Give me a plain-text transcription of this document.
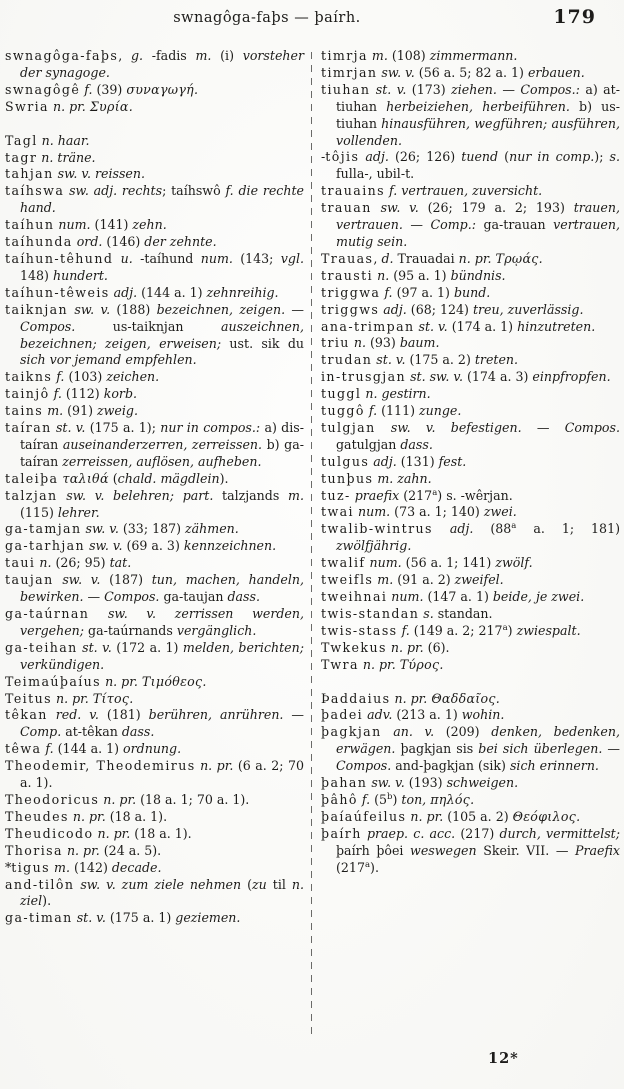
swnagôga-faþs — þaírh.	179

swnagôga-faþs, g. -fadis m. (i) vorsteher der synagoge.

swnagôgê f. (39) συναγωγή.

Swria n. pr. Συρία.

Tagl n. haar.

tagr n. träne.

tahjan sw. v. reissen.

taíhswa sw. adj. rechts; taíhswô f. die rechte hand.

taíhun num. (141) zehn.

taíhunda ord. (146) der zehnte.

taíhun-têhund u. -taíhund num. (143; vgl. 148) hundert.

taíhun-têweis adj. (144 a. 1) zehnreihig.

taiknjan sw. v. (188) bezeichnen, zeigen. — Compos. us-taiknjan auszeichnen, bezeichnen; zeigen, erweisen; ust. sik du sich vor jemand empfehlen.

taikns f. (103) zeichen.

tainjô f. (112) korb.

tains m. (91) zweig.

taíran st. v. (175 a. 1); nur in compos.: a) dis-taíran auseinanderzerren, zerreissen. b) ga-taíran zerreissen, auflösen, aufheben.

taleiþa ταλιθά (chald. mägdlein).

talzjan sw. v. belehren; part. talzjands m. (115) lehrer.

ga-tamjan sw. v. (33; 187) zähmen.

ga-tarhjan sw. v. (69 a. 3) kennzeichnen.

taui n. (26; 95) tat.

taujan sw. v. (187) tun, machen, handeln, bewirken. — Compos. ga-taujan dass.

ga-taúrnan sw. v. zerrissen werden, vergehen; ga-taúrnands vergänglich.

ga-teihan st. v. (172 a. 1) melden, berichten; verkündigen.

Teimaúþaíus n. pr. Τιμόθεος.

Teitus n. pr. Τίτος.

têkan red. v. (181) berühren, anrühren. — Comp. at-têkan dass.

têwa f. (144 a. 1) ordnung.

Theodemir, Theodemirus n. pr. (6 a. 2; 70 a. 1).

Theodoricus n. pr. (18 a. 1; 70 a. 1).

Theudes n. pr. (18 a. 1).

Theudicodo n. pr. (18 a. 1).

Thorisa n. pr. (24 a. 5).

*tigus m. (142) decade.

and-tilôn sw. v. zum ziele nehmen (zu til n. ziel).

ga-timan st. v. (175 a. 1) geziemen.

timrja m. (108) zimmermann.

timrjan sw. v. (56 a. 5; 82 a. 1) erbauen.

tiuhan st. v. (173) ziehen. — Compos.: a) at-tiuhan herbeiziehen, herbeiführen. b) us-tiuhan hinausführen, wegführen; ausführen, vollenden.

-tôjis adj. (26; 126) tuend (nur in comp.); s. fulla-, ubil-t.

trauains f. vertrauen, zuversicht.

trauan sw. v. (26; 179 a. 2; 193) trauen, vertrauen. — Comp.: ga-trauan vertrauen, mutig sein.

Trauas, d. Trauadai n. pr. Τρῳάς.

trausti n. (95 a. 1) bündnis.

triggwa f. (97 a. 1) bund.

triggws adj. (68; 124) treu, zuverlässig.

ana-trimpan st. v. (174 a. 1) hinzutreten.

triu n. (93) baum.

trudan st. v. (175 a. 2) treten.

in-trusgjan st. sw. v. (174 a. 3) einpfropfen.

tuggl n. gestirn.

tuggô f. (111) zunge.

tulgjan sw. v. befestigen. — Compos. gatulgjan dass.

tulgus adj. (131) fest.

tunþus m. zahn.

tuz- praefix (217$^a$) s. -wêrjan.

twai num. (73 a. 1; 140) zwei.

twalib-wintrus adj. (88$^a$ a. 1; 181) zwölfjährig.

twalif num. (56 a. 1; 141) zwölf.

tweifls m. (91 a. 2) zweifel.

tweihnai num. (147 a. 1) beide, je zwei.

twis-standan s. standan.

twis-stass f. (149 a. 2; 217$^a$) zwiespalt.

Twkekus n. pr. (6).

Twra n. pr. Τύρος.

Þaddaius n. pr. Θαδδαῖος.

þadei adv. (213 a. 1) wohin.

þagkjan an. v. (209) denken, bedenken, erwägen. þagkjan sis bei sich überlegen. — Compos. and-þagkjan (sik) sich erinnern.

þahan sw. v. (193) schweigen.

þâhô f. (5$^b$) ton, πηλός.

þaíaúfeilus n. pr. (105 a. 2) Θεόφιλος.

þaírh praep. c. acc. (217) durch, vermittelst; þaírh þôei weswegen Skeir. VII. — Praefix (217$^a$).

12*
